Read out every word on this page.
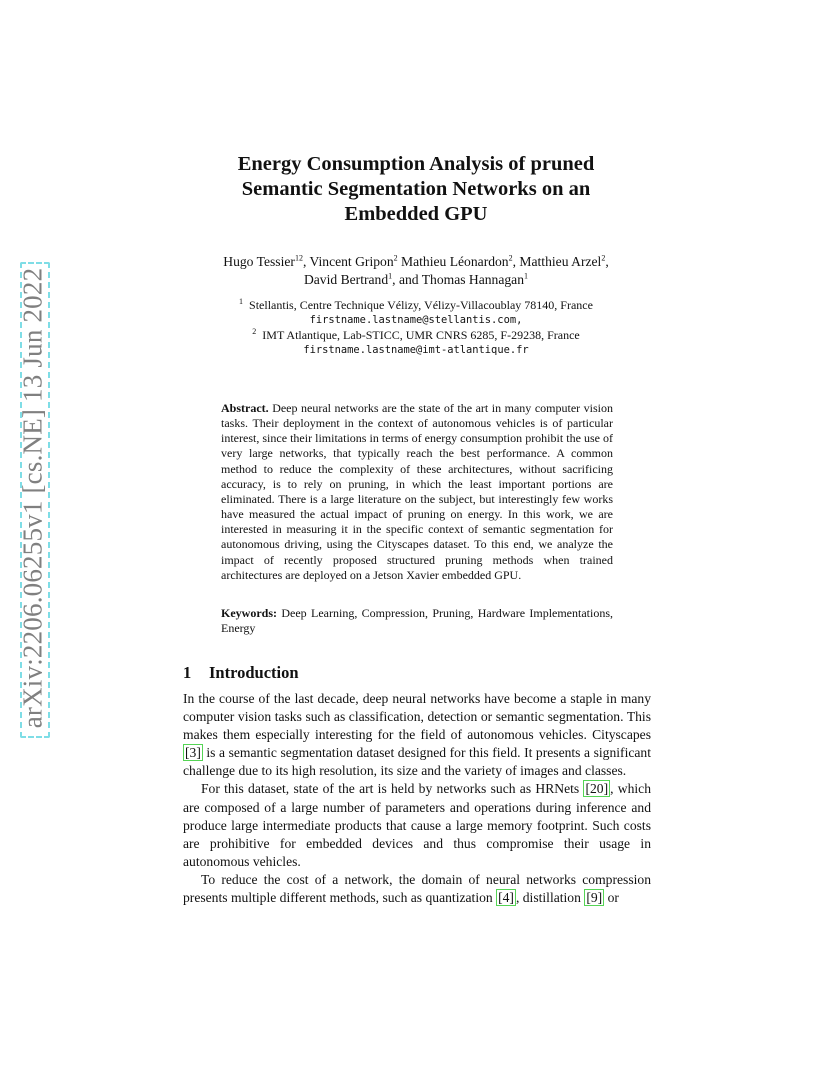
arXiv:2206.06255v1 [cs.NE] 13 Jun 2022
Energy Consumption Analysis of pruned
Semantic Segmentation Networks on an
Embedded GPU
Hugo Tessier$^{12}$, Vincent Gripon$^2$ Mathieu Léonardon$^2$, Matthieu Arzel$^2$,
David Bertrand$^1$, and Thomas Hannagan$^1$
$^1$ Stellantis, Centre Technique Vélizy, Vélizy-Villacoublay 78140, France
firstname.lastname@stellantis.com,
$^2$ IMT Atlantique, Lab-STICC, UMR CNRS 6285, F-29238, France
firstname.lastname@imt-atlantique.fr
Abstract. Deep neural networks are the state of the art in many computer vision tasks. Their deployment in the context of autonomous vehicles is of particular interest, since their limitations in terms of energy consumption prohibit the use of very large networks, that typically reach the best performance. A common method to reduce the complexity of these architectures, without sacrificing accuracy, is to rely on pruning, in which the least important portions are eliminated. There is a large literature on the subject, but interestingly few works have measured the actual impact of pruning on energy. In this work, we are interested in measuring it in the specific context of semantic segmentation for autonomous driving, using the Cityscapes dataset. To this end, we analyze the impact of recently proposed structured pruning methods when trained architectures are deployed on a Jetson Xavier embedded GPU.
Keywords: Deep Learning, Compression, Pruning, Hardware Implementations, Energy
1 Introduction

In the course of the last decade, deep neural networks have become a staple in many computer vision tasks such as classification, detection or semantic segmentation. This makes them especially interesting for the field of autonomous vehicles. Cityscapes [3] is a semantic segmentation dataset designed for this field. It presents a significant challenge due to its high resolution, its size and the variety of images and classes.

For this dataset, state of the art is held by networks such as HRNets [20] , which are composed of a large number of parameters and operations during inference and produce large intermediate products that cause a large memory footprint. Such costs are prohibitive for embedded devices and thus compromise their usage in autonomous vehicles.

To reduce the cost of a network, the domain of neural networks compression presents multiple different methods, such as quantization [4] , distillation [9] or
